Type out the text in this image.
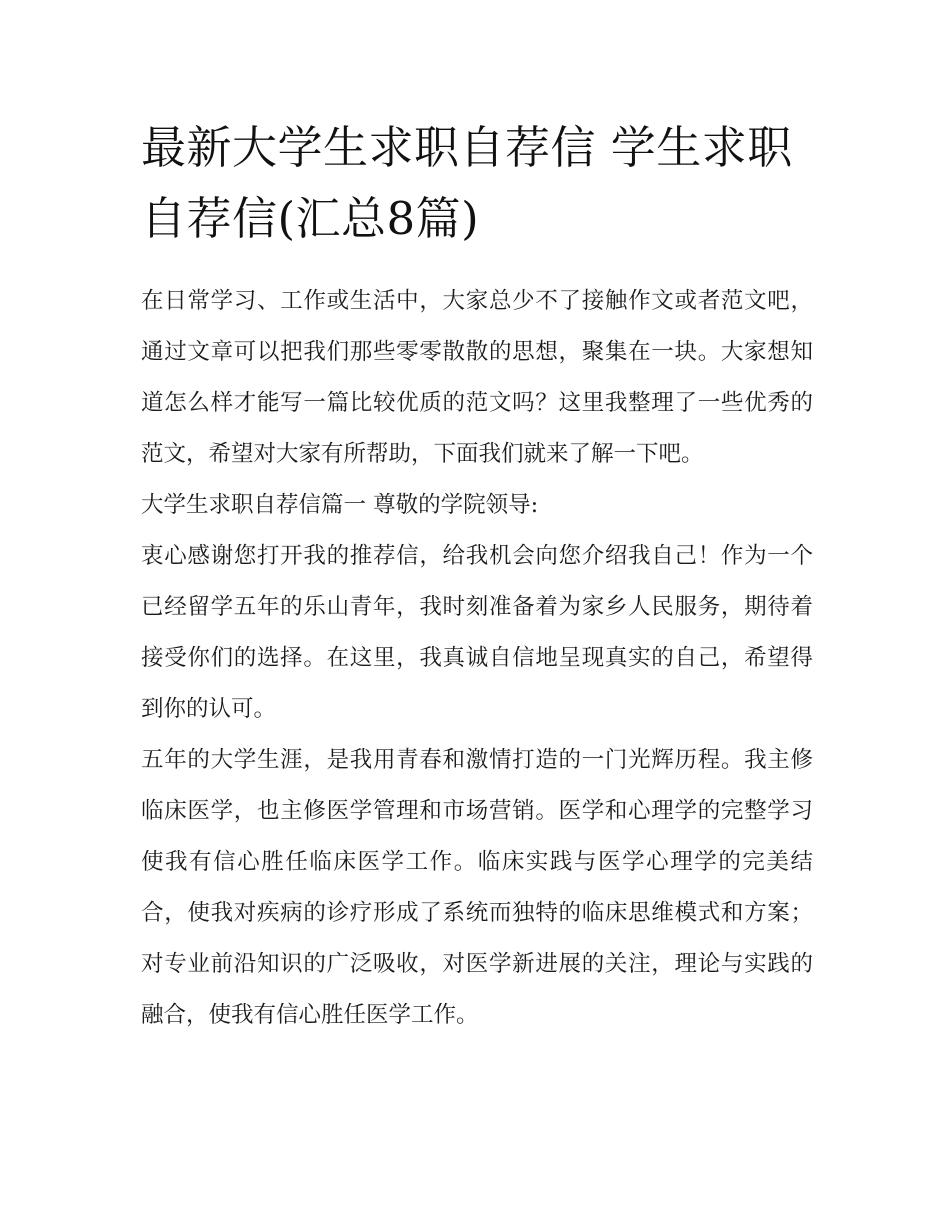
最新大学生求职自荐信 学生求职自荐信(汇总8篇)

在日常学习、工作或生活中，大家总少不了接触作文或者范文吧，通过文章可以把我们那些零零散散的思想，聚集在一块。大家想知道怎么样才能写一篇比较优质的范文吗？这里我整理了一些优秀的范文，希望对大家有所帮助，下面我们就来了解一下吧。

大学生求职自荐信篇一 尊敬的学院领导:

衷心感谢您打开我的推荐信，给我机会向您介绍我自己！作为一个已经留学五年的乐山青年，我时刻准备着为家乡人民服务，期待着接受你们的选择。在这里，我真诚自信地呈现真实的自己，希望得到你的认可。

五年的大学生涯，是我用青春和激情打造的一门光辉历程。我主修临床医学，也主修医学管理和市场营销。医学和心理学的完整学习使我有信心胜任临床医学工作。临床实践与医学心理学的完美结合，使我对疾病的诊疗形成了系统而独特的临床思维模式和方案；对专业前沿知识的广泛吸收，对医学新进展的关注，理论与实践的融合，使我有信心胜任医学工作。
